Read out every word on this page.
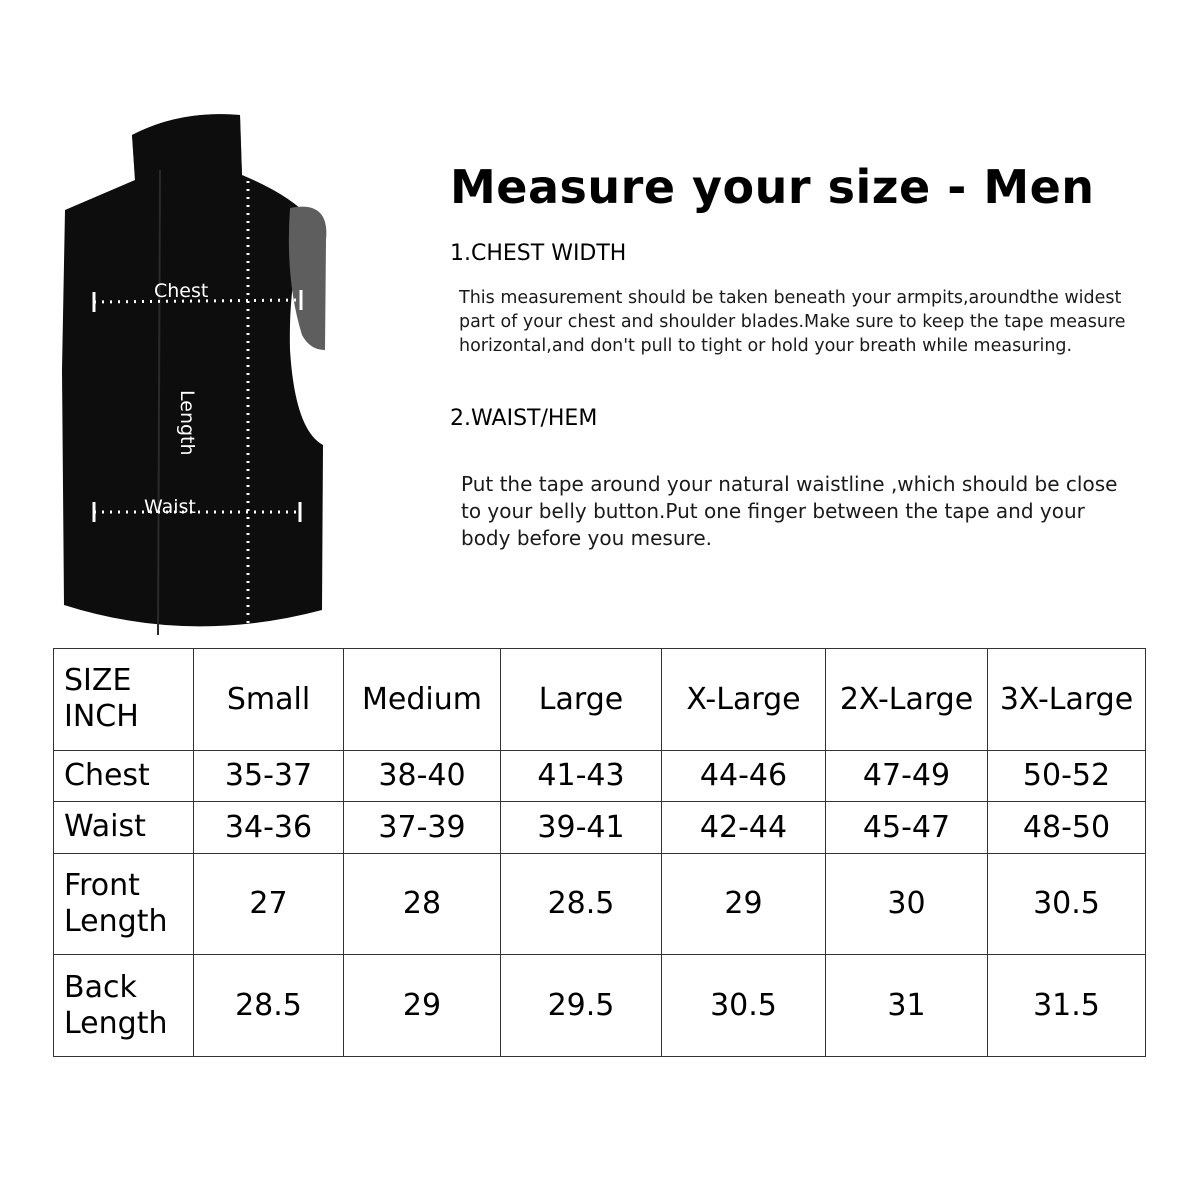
Chest
Length
Waist
Measure your size - Men
1.CHEST WIDTH
This measurement should be taken beneath your armpits,aroundthe widest
part of your chest and shoulder blades.Make sure to keep the tape measure
horizontal,and don't pull to tight or hold your breath while measuring.
2.WAIST/HEM
Put the tape around your natural waistline ,which should be close
to your belly button.Put one finger between the tape and your
body before you mesure.
SIZE
INCH	Small	Medium	Large	X-Large	2X-Large	3X-Large

Chest	35-37	38-40	41-43	44-46	47-49	50-52

Waist	34-36	37-39	39-41	42-44	45-47	48-50

Front
Length	27	28	28.5	29	30	30.5

Back
Length	28.5	29	29.5	30.5	31	31.5
